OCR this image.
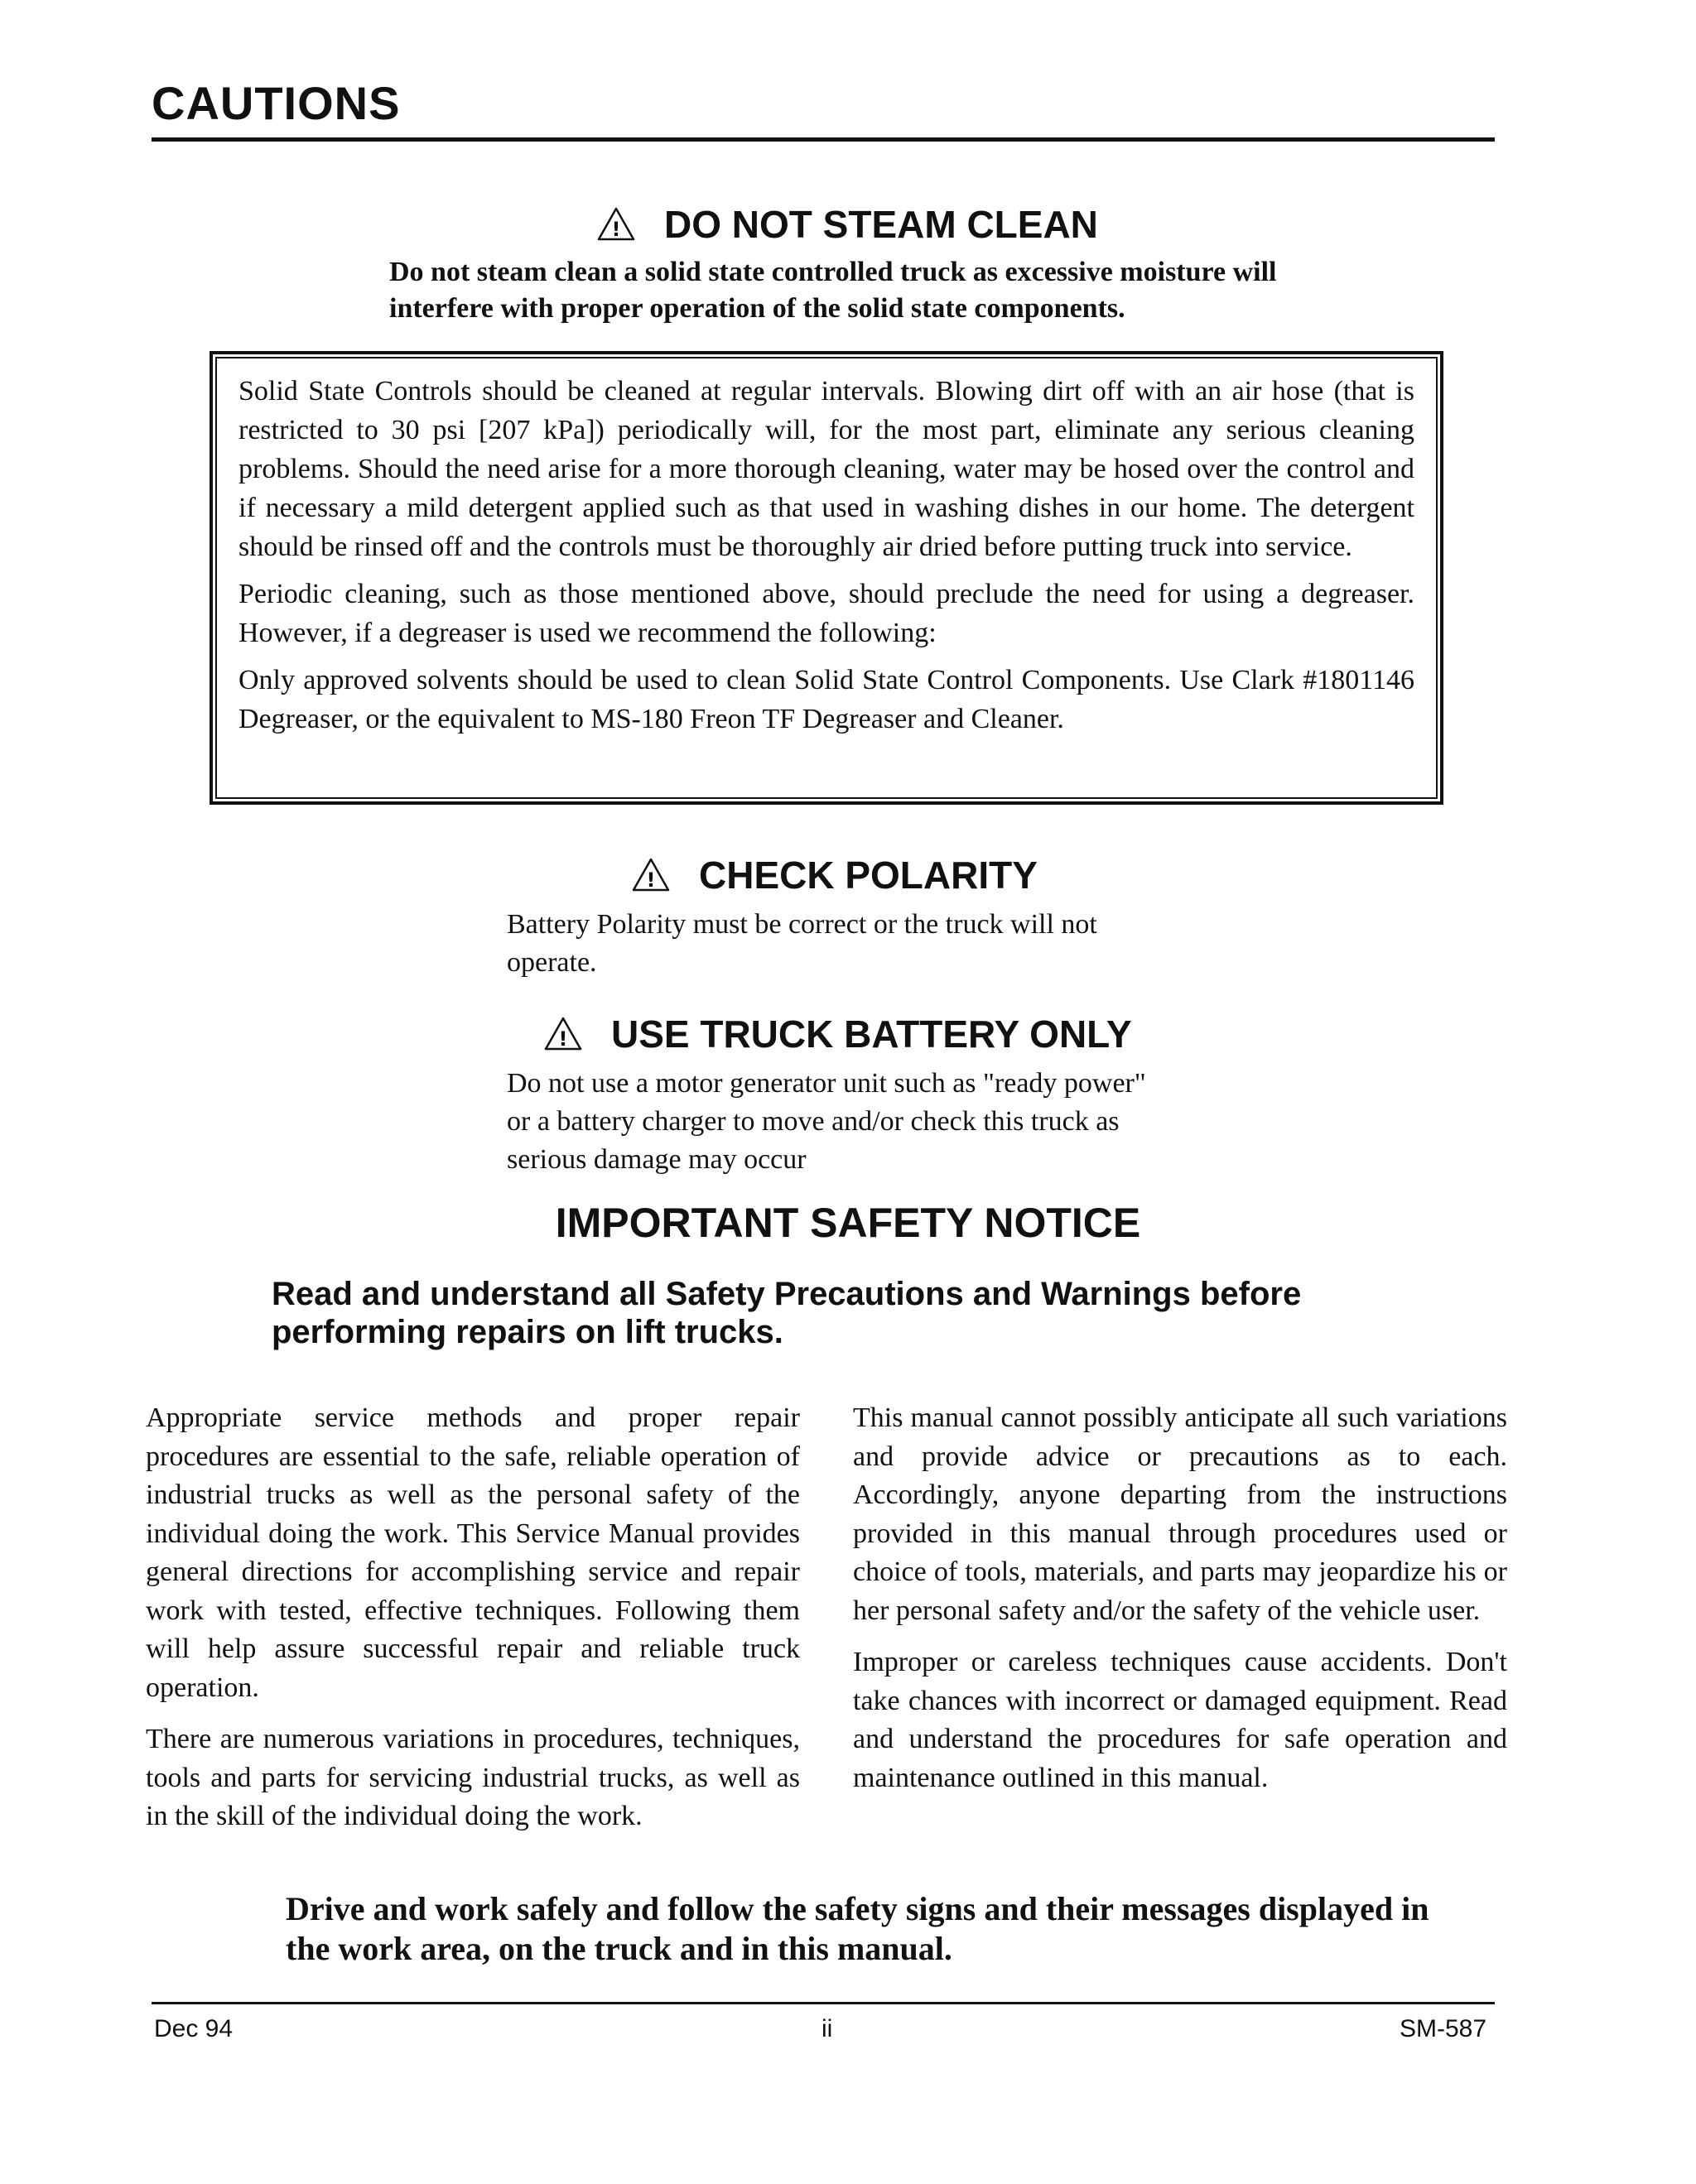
CAUTIONS
! DO NOT STEAM CLEAN
Do not steam clean a solid state controlled truck as excessive moisture will interfere with proper operation of the solid state components.

Solid State Controls should be cleaned at regular intervals. Blowing dirt off with an air hose (that is restricted to 30 psi [207 kPa]) periodically will, for the most part, eliminate any serious cleaning problems. Should the need arise for a more thorough cleaning, water may be hosed over the control and if necessary a mild detergent applied such as that used in washing dishes in our home. The detergent should be rinsed off and the controls must be thoroughly air dried before putting truck into service.

Periodic cleaning, such as those mentioned above, should preclude the need for using a degreaser. However, if a degreaser is used we recommend the following:

Only approved solvents should be used to clean Solid State Control Components. Use Clark #1801146 Degreaser, or the equivalent to MS-180 Freon TF Degreaser and Cleaner.

! CHECK POLARITY

Battery Polarity must be correct or the truck will not operate.

! USE TRUCK BATTERY ONLY

Do not use a motor generator unit such as "ready power" or a battery charger to move and/or check this truck as serious damage may occur

IMPORTANT SAFETY NOTICE
Read and understand all Safety Precautions and Warnings before performing repairs on lift trucks.

Appropriate service methods and proper repair procedures are essential to the safe, reliable operation of industrial trucks as well as the personal safety of the individual doing the work. This Service Manual provides general directions for accomplishing service and repair work with tested, effective techniques. Following them will help assure successful repair and reliable truck operation.

There are numerous variations in procedures, techniques, tools and parts for servicing industrial trucks, as well as in the skill of the individual doing the work.

This manual cannot possibly anticipate all such variations and provide advice or precautions as to each. Accordingly, anyone departing from the instructions provided in this manual through procedures used or choice of tools, materials, and parts may jeopardize his or her personal safety and/or the safety of the vehicle user.

Improper or careless techniques cause accidents. Don't take chances with incorrect or damaged equipment. Read and understand the procedures for safe operation and maintenance outlined in this manual.

Drive and work safely and follow the safety signs and their messages displayed in the work area, on the truck and in this manual.
Dec 94	ii	SM-587
